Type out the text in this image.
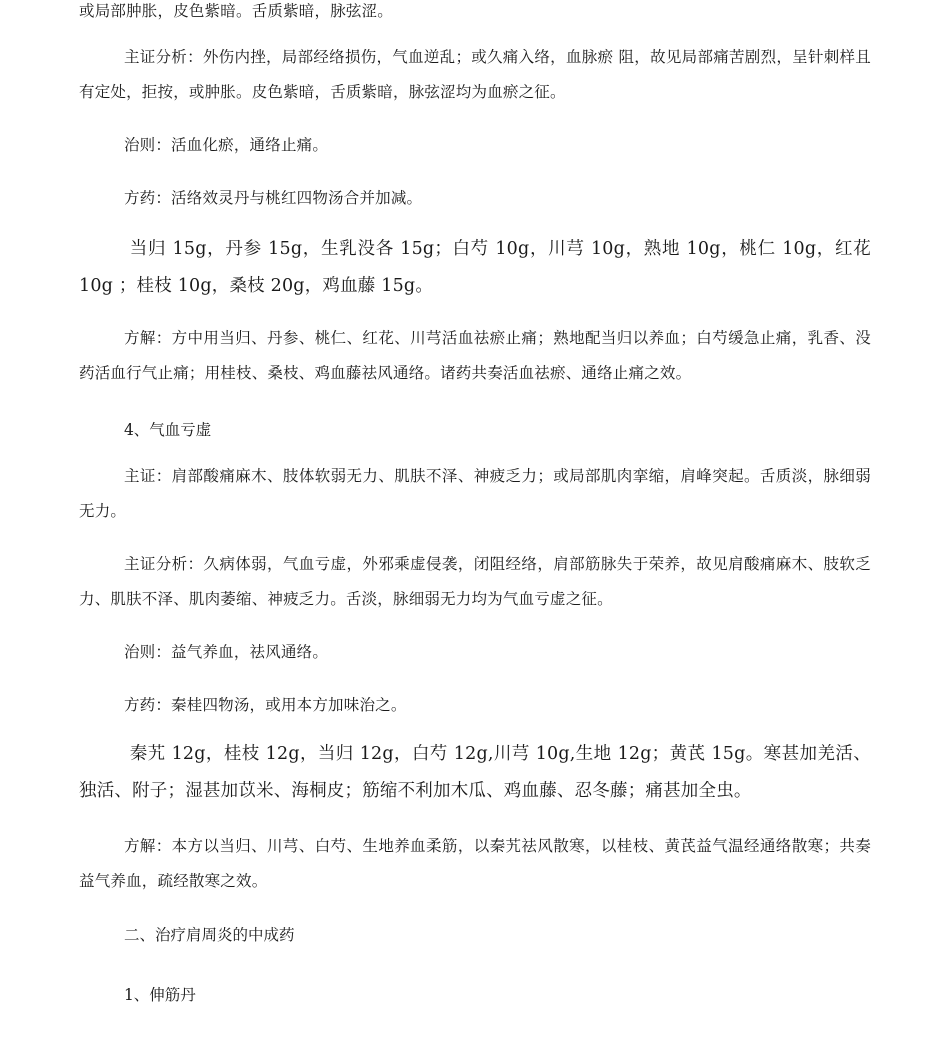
或局部肿胀，皮色紫暗。舌质紫暗，脉弦涩。

主证分析：外伤内挫，局部经络损伤，气血逆乱；或久痛入络，血脉瘀 阻，故见局部痛苦剧烈，呈针刺样且有定处，拒按，或肿胀。皮色紫暗，舌质紫暗，脉弦涩均为血瘀之征。

治则：活血化瘀，通络止痛。

方药：活络效灵丹与桃红四物汤合并加减。

当归 15g，丹参 15g，生乳没各 15g；白芍 10g，川芎 10g，熟地 10g，桃仁 10g，红花 10g ；桂枝 10g，桑枝 20g，鸡血藤 15g。

方解：方中用当归、丹参、桃仁、红花、川芎活血祛瘀止痛；熟地配当归以养血；白芍缓急止痛，乳香、没药活血行气止痛；用桂枝、桑枝、鸡血藤祛风通络。诸药共奏活血祛瘀、通络止痛之效。

4、气血亏虚

主证：肩部酸痛麻木、肢体软弱无力、肌肤不泽、神疲乏力；或局部肌肉挛缩，肩峰突起。舌质淡，脉细弱无力。

主证分析：久病体弱，气血亏虚，外邪乘虚侵袭，闭阻经络，肩部筋脉失于荣养，故见肩酸痛麻木、肢软乏力、肌肤不泽、肌肉萎缩、神疲乏力。舌淡，脉细弱无力均为气血亏虚之征。

治则：益气养血，祛风通络。

方药：秦桂四物汤，或用本方加味治之。

秦艽 12g，桂枝 12g，当归 12g，白芍 12g,川芎 10g,生地 12g；黄芪 15g。寒甚加羌活、独活、附子；湿甚加苡米、海桐皮；筋缩不利加木瓜、鸡血藤、忍冬藤；痛甚加全虫。

方解：本方以当归、川芎、白芍、生地养血柔筋，以秦艽祛风散寒，以桂枝、黄芪益气温经通络散寒；共奏益气养血，疏经散寒之效。

二、治疗肩周炎的中成药

1、伸筋丹
